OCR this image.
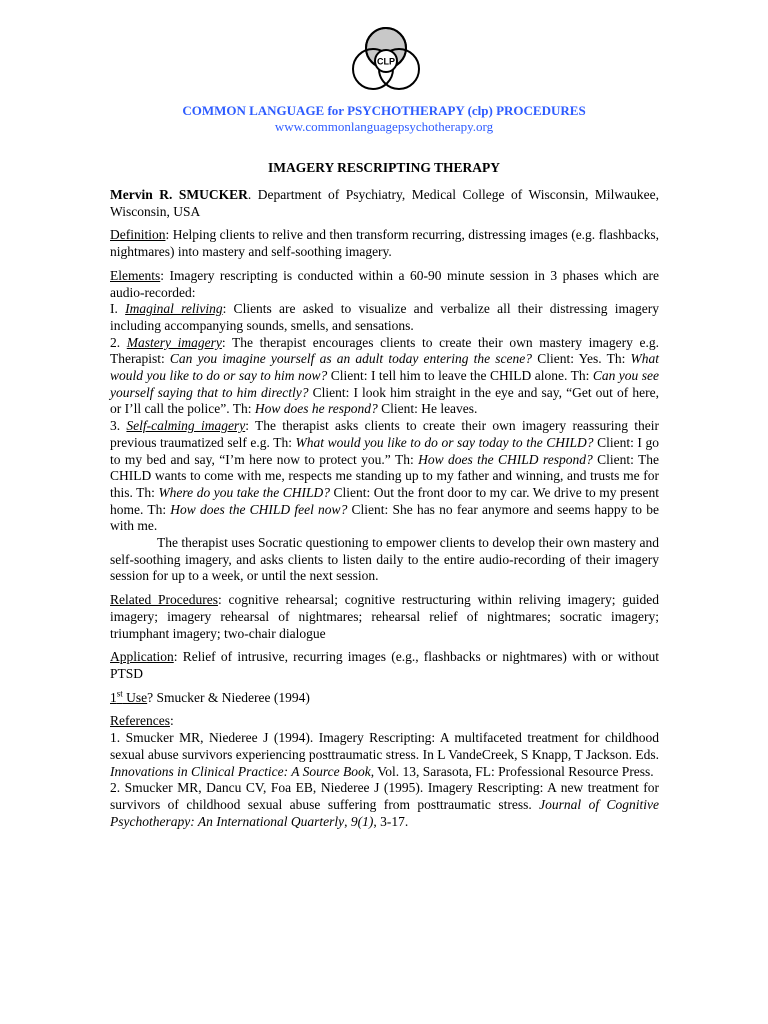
CLP

COMMON LANGUAGE for PSYCHOTHERAPY (clp) PROCEDURES

www.commonlanguagepsychotherapy.org

IMAGERY RESCRIPTING THERAPY

Mervin R. SMUCKER. Department of Psychiatry, Medical College of Wisconsin, Milwaukee, Wisconsin, USA

Definition: Helping clients to relive and then transform recurring, distressing images (e.g. flashbacks, nightmares) into mastery and self-soothing imagery.

Elements: Imagery rescripting is conducted within a 60-90 minute session in 3 phases which are audio-recorded:

I. Imaginal reliving: Clients are asked to visualize and verbalize all their distressing imagery including accompanying sounds, smells, and sensations.

2. Mastery imagery: The therapist encourages clients to create their own mastery imagery e.g. Therapist: Can you imagine yourself as an adult today entering the scene? Client: Yes. Th: What would you like to do or say to him now? Client: I tell him to leave the CHILD alone. Th: Can you see yourself saying that to him directly? Client: I look him straight in the eye and say, “Get out of here, or I’ll call the police”. Th: How does he respond? Client: He leaves.

3. Self-calming imagery: The therapist asks clients to create their own imagery reassuring their previous traumatized self e.g. Th: What would you like to do or say today to the CHILD? Client: I go to my bed and say, “I’m here now to protect you.” Th: How does the CHILD respond? Client: The CHILD wants to come with me, respects me standing up to my father and winning, and trusts me for this. Th: Where do you take the CHILD? Client: Out the front door to my car. We drive to my present home. Th: How does the CHILD feel now? Client: She has no fear anymore and seems happy to be with me.

The therapist uses Socratic questioning to empower clients to develop their own mastery and self-soothing imagery, and asks clients to listen daily to the entire audio-recording of their imagery session for up to a week, or until the next session.

Related Procedures: cognitive rehearsal; cognitive restructuring within reliving imagery; guided imagery; imagery rehearsal of nightmares; rehearsal relief of nightmares; socratic imagery; triumphant imagery; two-chair dialogue

Application: Relief of intrusive, recurring images (e.g., flashbacks or nightmares) with or without PTSD

1st Use? Smucker & Niederee (1994)

References:

1. Smucker MR, Niederee J (1994). Imagery Rescripting: A multifaceted treatment for childhood sexual abuse survivors experiencing posttraumatic stress. In L VandeCreek, S Knapp, T Jackson. Eds. Innovations in Clinical Practice: A Source Book, Vol. 13, Sarasota, FL: Professional Resource Press.

2. Smucker MR, Dancu CV, Foa EB, Niederee J (1995). Imagery Rescripting: A new treatment for survivors of childhood sexual abuse suffering from posttraumatic stress. Journal of Cognitive Psychotherapy: An International Quarterly, 9(1), 3-17.
